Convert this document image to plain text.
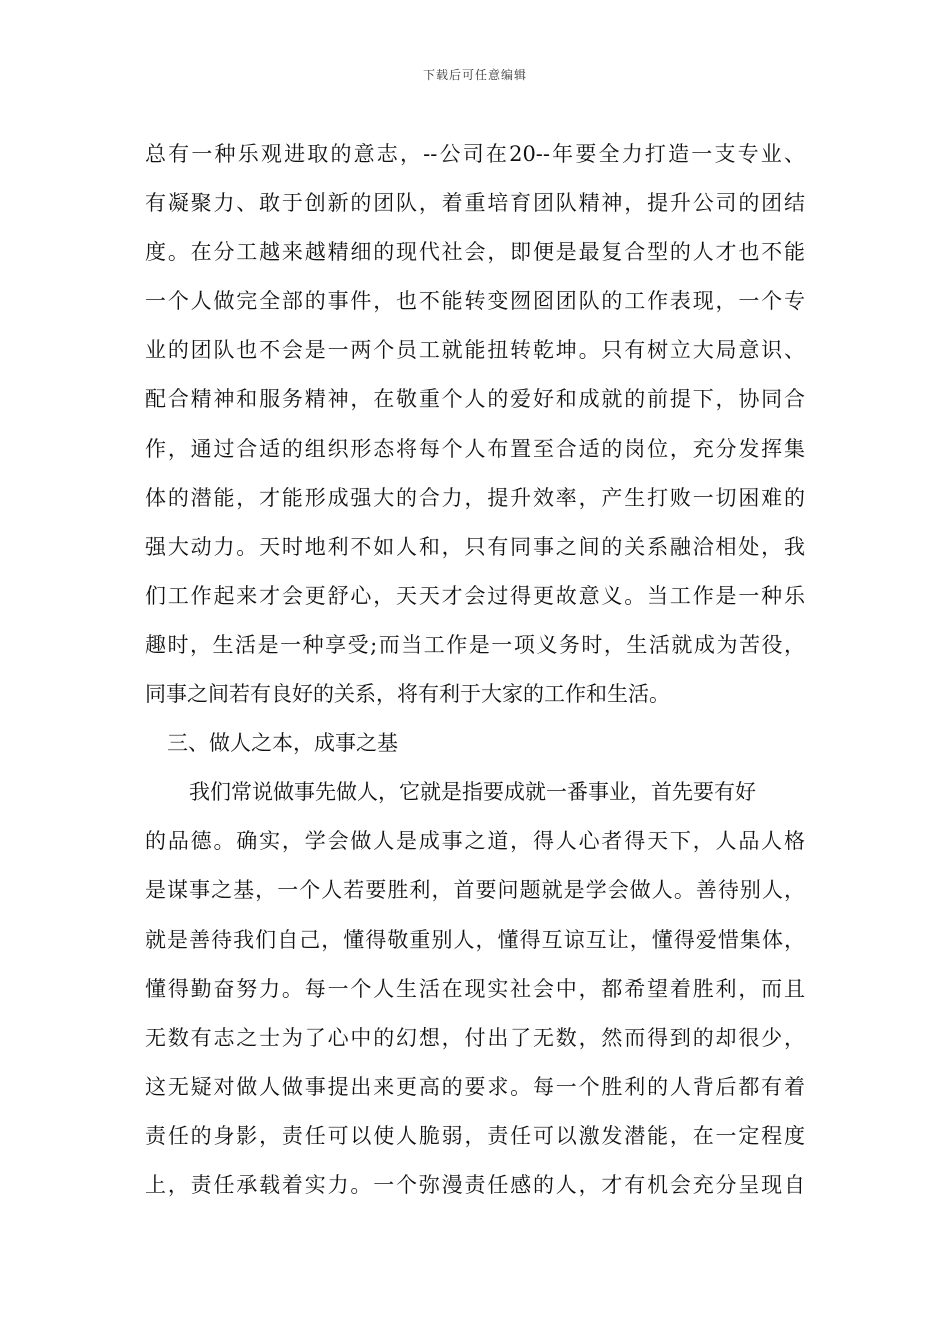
下载后可任意编辑
总有一种乐观进取的意志，--公司在20--年要全力打造一支专业、
有凝聚力、敢于创新的团队，着重培育团队精神，提升公司的团结
度。在分工越来越精细的现代社会，即便是最复合型的人才也不能
一个人做完全部的事件，也不能转变囫囵团队的工作表现，一个专
业的团队也不会是一两个员工就能扭转乾坤。只有树立大局意识、
配合精神和服务精神，在敬重个人的爱好和成就的前提下，协同合
作，通过合适的组织形态将每个人布置至合适的岗位，充分发挥集
体的潜能，才能形成强大的合力，提升效率，产生打败一切困难的
强大动力。天时地利不如人和，只有同事之间的关系融洽相处，我
们工作起来才会更舒心，天天才会过得更故意义。当工作是一种乐
趣时，生活是一种享受;而当工作是一项义务时，生活就成为苦役，
同事之间若有良好的关系，将有利于大家的工作和生活。
三、做人之本，成事之基
我们常说做事先做人，它就是指要成就一番事业，首先要有好
的品德。确实，学会做人是成事之道，得人心者得天下，人品人格
是谋事之基，一个人若要胜利，首要问题就是学会做人。善待别人，
就是善待我们自己，懂得敬重别人，懂得互谅互让，懂得爱惜集体，
懂得勤奋努力。每一个人生活在现实社会中，都希望着胜利，而且
无数有志之士为了心中的幻想，付出了无数，然而得到的却很少，
这无疑对做人做事提出来更高的要求。每一个胜利的人背后都有着
责任的身影，责任可以使人脆弱，责任可以激发潜能，在一定程度
上，责任承载着实力。一个弥漫责任感的人，才有机会充分呈现自
